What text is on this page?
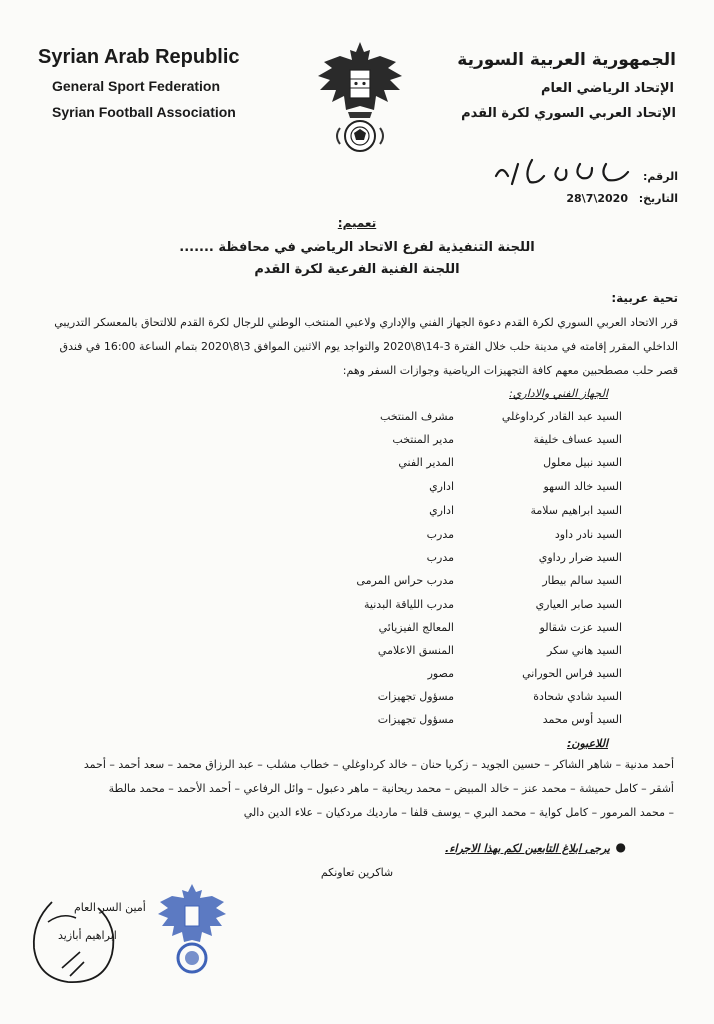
Syrian Arab Republic
General Sport Federation
Syrian Football Association
الجمهورية العربية السورية
الإتحاد الرياضي العام
الإتحاد العربي السوري لكرة القدم
الرقم:
التاريخ:
28\7\2020
تعميم:
اللجنة التنفيذية لفرع الاتحاد الرياضي في محافظة .......
اللجنة الفنية الفرعية لكرة القدم
تحية عربية:
قرر الاتحاد العربي السوري لكرة القدم دعوة الجهاز الفني والإداري ولاعبي المنتخب الوطني للرجال لكرة القدم للالتحاق بالمعسكر التدريبي
الداخلي المقرر إقامته في مدينة حلب خلال الفترة 3-14\8\2020 والتواجد يوم الاثنين الموافق 3\8\2020 بتمام الساعة 16:00 في فندق
قصر حلب مصطحبين معهم كافة التجهيزات الرياضية وجوازات السفر وهم:
الجهاز الفني والاداري:
السيد عبد القادر كرداوغلي
مشرف المنتخب
السيد عساف خليفة
مدير المنتخب
السيد نبيل معلول
المدير الفني
السيد خالد السهو
اداري
السيد ابراهيم سلامة
اداري
السيد نادر داود
مدرب
السيد ضرار رداوي
مدرب
السيد سالم بيطار
مدرب حراس المرمى
السيد صابر العياري
مدرب اللياقة البدنية
السيد عزت شقالو
المعالج الفيزيائي
السيد هاني سكر
المنسق الاعلامي
السيد فراس الحوراني
مصور
السيد شادي شحادة
مسؤول تجهيزات
السيد أوس محمد
مسؤول تجهيزات
اللاعبون:
أحمد مدنية – شاهر الشاكر – حسين الجويد – زكريا حنان – خالد كرداوغلي – خطاب مشلب – عبد الرزاق محمد – سعد أحمد – أحمد
أشقر – كامل حميشة – محمد عنز – خالد المبيض – محمد ريحانية – ماهر دعبول – وائل الرفاعي – أحمد الأحمد – محمد مالطة
– محمد المرمور – كامل كواية – محمد البري – يوسف قلفا – ماردیك مردكيان – علاء الدين دالي
●
يرجى ابلاغ التابعين لكم بهذا الاجراء.
شاكرين تعاونكم
أمين السر العام
ابراهيم أبازيد
